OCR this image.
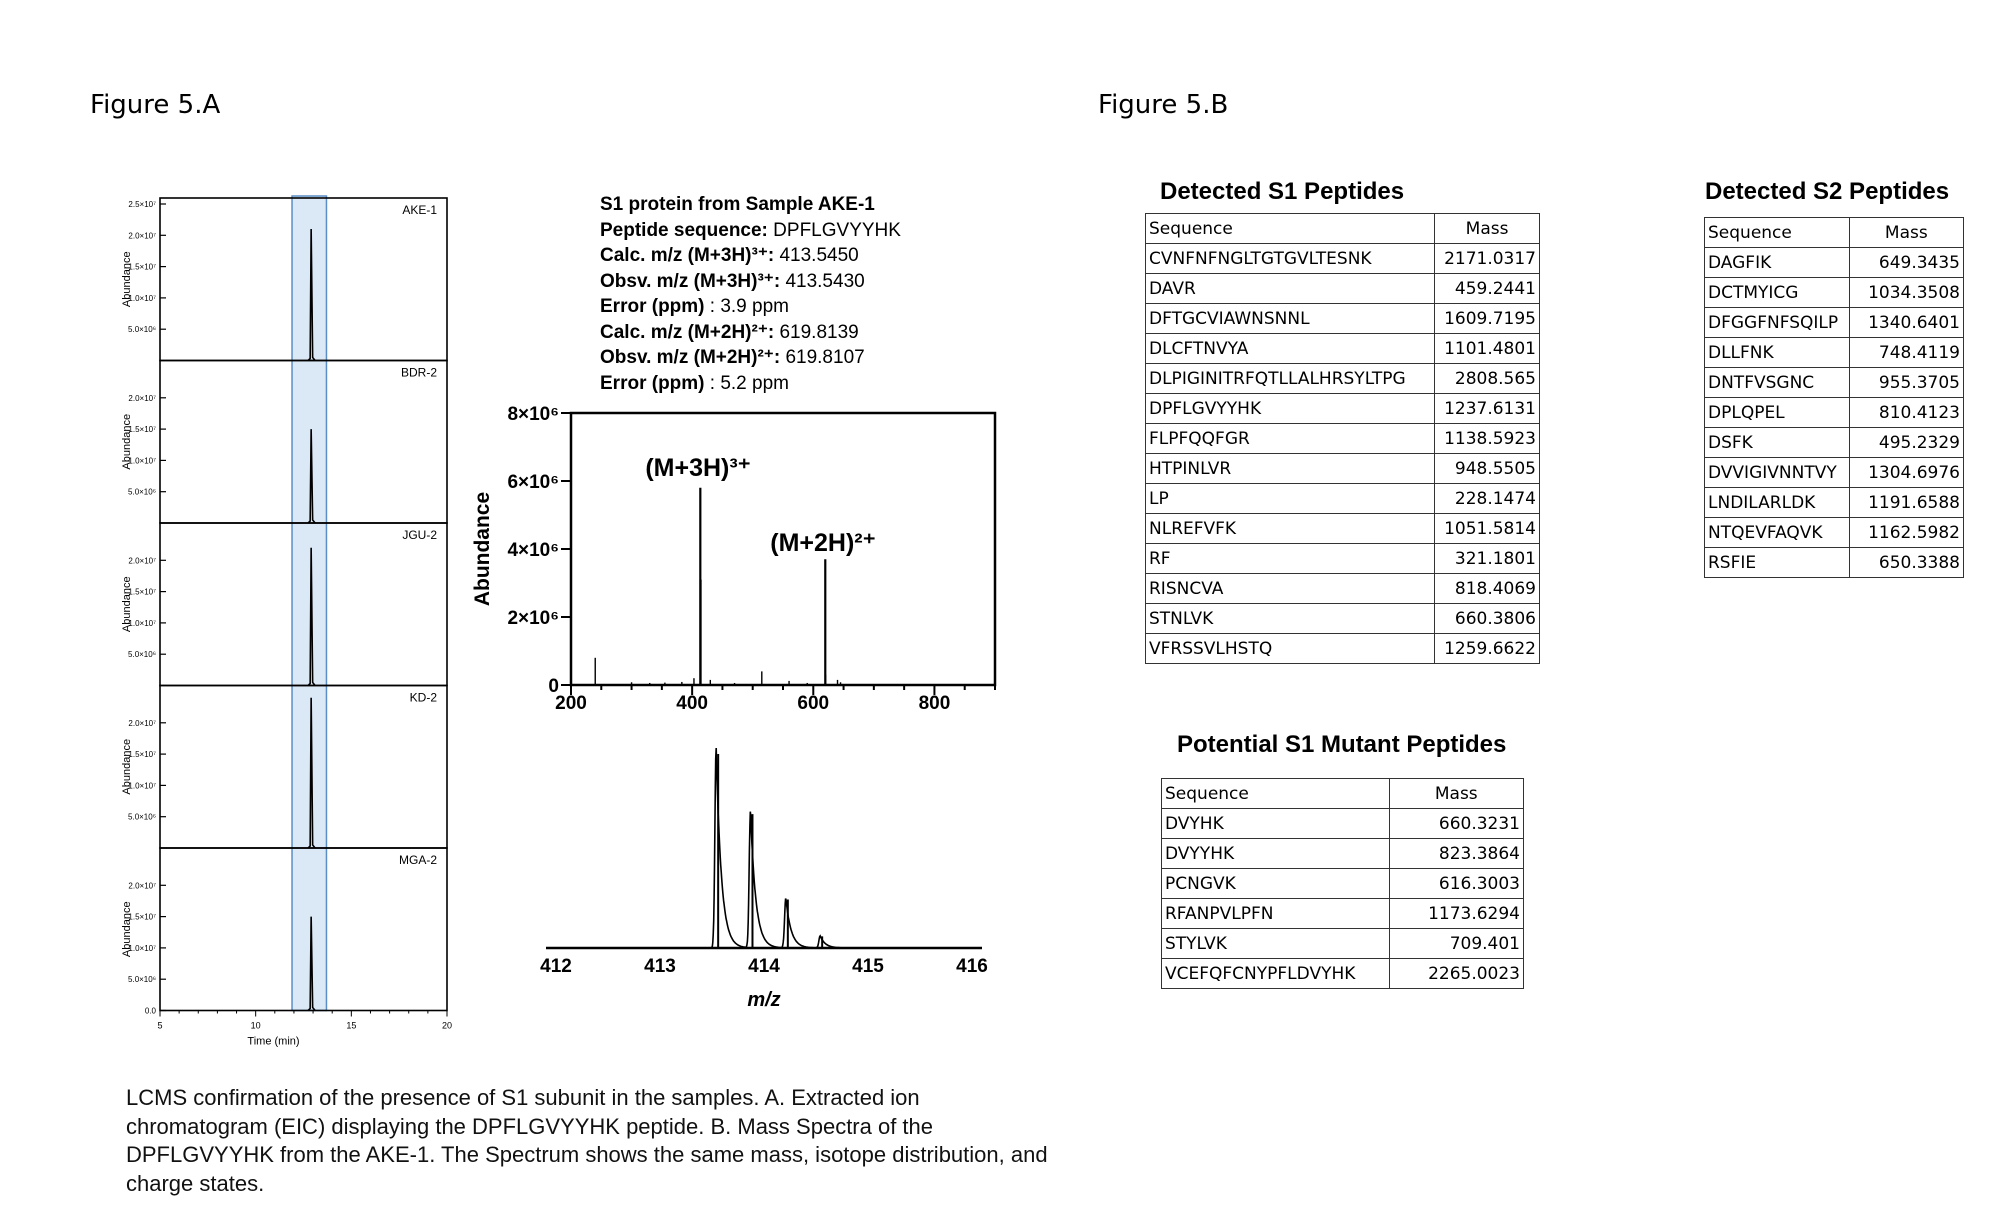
Figure 5.A	Figure 5.B
AKE-1
2.5×10⁷
2.0×10⁷
1.5×10⁷
1.0×10⁷
5.0×10⁶
Abundance
BDR-2
2.0×10⁷
1.5×10⁷
1.0×10⁷
5.0×10⁶
Abundance
JGU-2
2.0×10⁷
1.5×10⁷
1.0×10⁷
5.0×10⁶
Abundance
KD-2
2.0×10⁷
1.5×10⁷
1.0×10⁷
5.0×10⁶
Abundance
MGA-2
2.0×10⁷
1.5×10⁷
1.0×10⁷
5.0×10⁶
0.0
Abundance
5	10	15	20
Time (min)
S1 protein from Sample AKE-1
Peptide sequence: DPFLGVYYHK
Calc. m/z (M+3H)³⁺: 413.5450
Obsv. m/z (M+3H)³⁺: 413.5430
Error (ppm) : 3.9 ppm
Calc. m/z (M+2H)²⁺: 619.8139
Obsv. m/z (M+2H)²⁺: 619.8107
Error (ppm) : 5.2 ppm
0
2×10⁶
4×10⁶
6×10⁶
8×10⁶
200	400	600	800
Abundance
(M+3H)³⁺
(M+2H)²⁺
412	413	414	415	416
m/z
LCMS confirmation of the presence of S1 subunit in the samples. A. Extracted ion chromatogram (EIC) displaying the DPFLGVYYHK peptide. B. Mass Spectra of the DPFLGVYYHK from the AKE-1. The Spectrum shows the same mass, isotope distribution, and charge states.
Detected S1 Peptides
Sequence	Mass
CVNFNFNGLTGTGVLTESNK	2171.0317
DAVR	459.2441
DFTGCVIAWNSNNL	1609.7195
DLCFTNVYA	1101.4801
DLPIGINITRFQTLLALHRSYLTPG	2808.565
DPFLGVYYHK	1237.6131
FLPFQQFGR	1138.5923
HTPINLVR	948.5505
LP	228.1474
NLREFVFK	1051.5814
RF	321.1801
RISNCVA	818.4069
STNLVK	660.3806
VFRSSVLHSTQ	1259.6622
Detected S2 Peptides
Sequence	Mass
DAGFIK	649.3435
DCTMYICG	1034.3508
DFGGFNFSQILP	1340.6401
DLLFNK	748.4119
DNTFVSGNC	955.3705
DPLQPEL	810.4123
DSFK	495.2329
DVVIGIVNNTVY	1304.6976
LNDILARLDK	1191.6588
NTQEVFAQVK	1162.5982
RSFIE	650.3388
Potential S1 Mutant Peptides
Sequence	Mass
DVYHK	660.3231
DVYYHK	823.3864
PCNGVK	616.3003
RFANPVLPFN	1173.6294
STYLVK	709.401
VCEFQFCNYPFLDVYHK	2265.0023
